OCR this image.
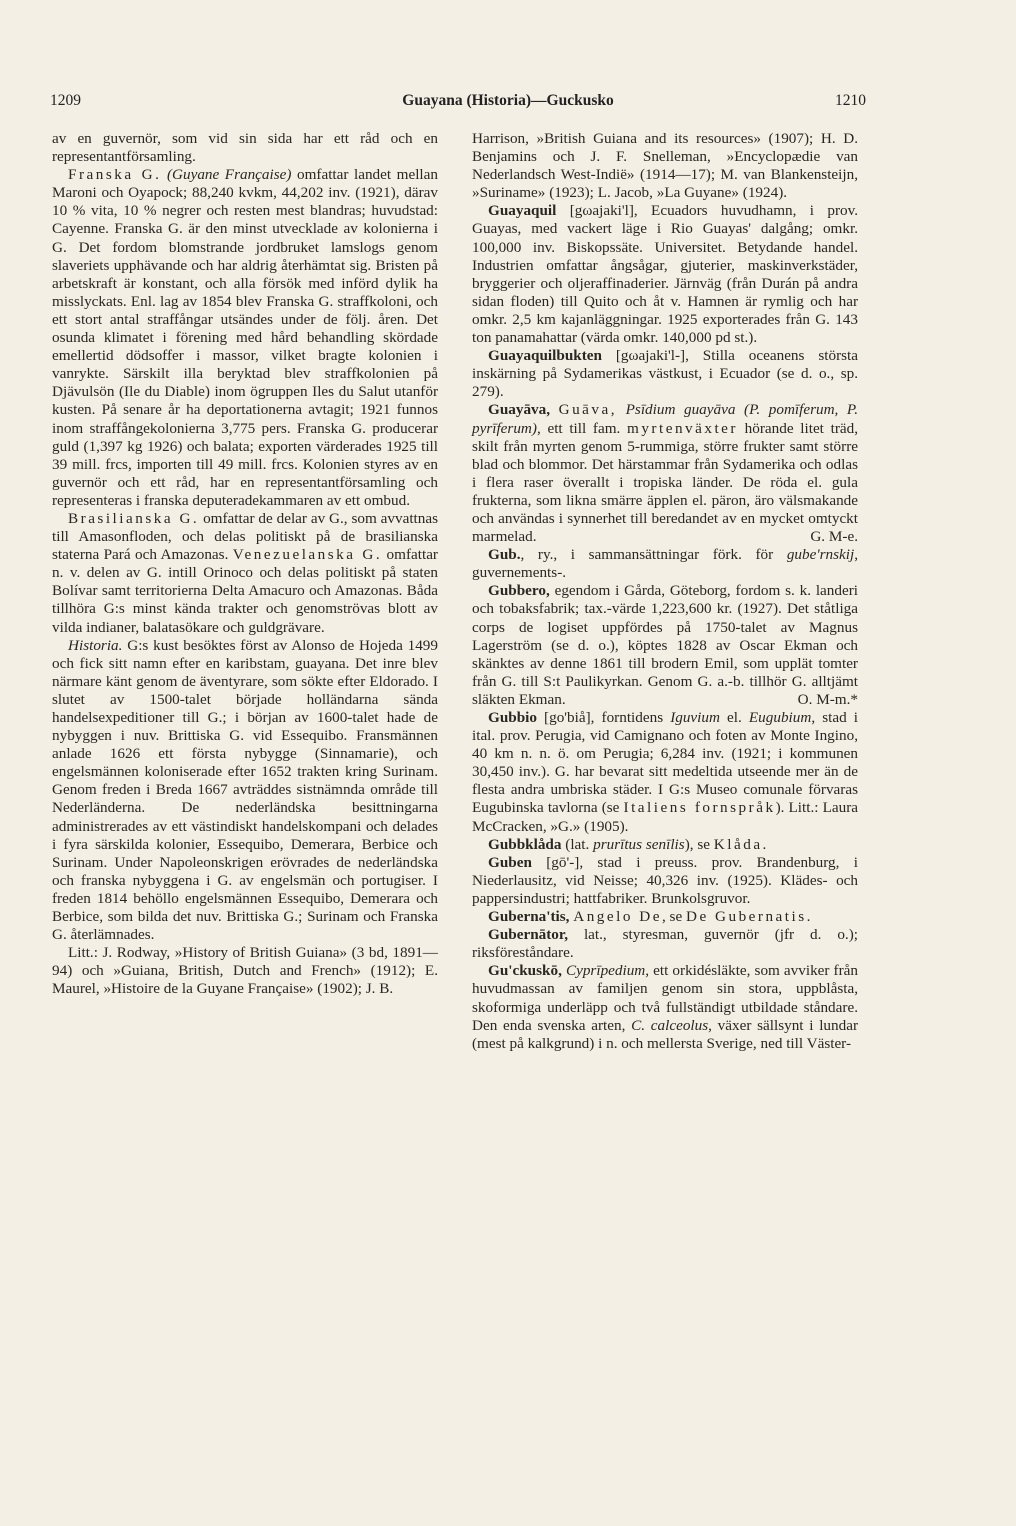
1209	Guayana (Historia)—Guckusko	1210

av en guvernör, som vid sin sida har ett råd och en representantförsamling.

Franska G. (Guyane Française) omfattar landet mellan Maroni och Oyapock; 88,240 kvkm, 44,202 inv. (1921), därav 10 % vita, 10 % negrer och resten mest blandras; huvudstad: Cayenne. Franska G. är den minst utvecklade av kolonierna i G. Det fordom blomstrande jordbruket lamslogs genom slaveriets upphävande och har aldrig återhämtat sig. Bristen på arbetskraft är konstant, och alla försök med införd dylik ha misslyckats. Enl. lag av 1854 blev Franska G. straffkoloni, och ett stort antal straffångar utsändes under de följ. åren. Det osunda klimatet i förening med hård behandling skördade emellertid dödsoffer i massor, vilket bragte kolonien i vanrykte. Särskilt illa beryktad blev straffkolonien på Djävulsön (Ile du Diable) inom ögruppen Iles du Salut utanför kusten. På senare år ha deportationerna avtagit; 1921 funnos inom straffångekolonierna 3,775 pers. Franska G. producerar guld (1,397 kg 1926) och balata; exporten värderades 1925 till 39 mill. frcs, importen till 49 mill. frcs. Kolonien styres av en guvernör och ett råd, har en representantförsamling och representeras i franska deputeradekammaren av ett ombud.

Brasilianska G. omfattar de delar av G., som avvattnas till Amasonfloden, och delas politiskt på de brasilianska staterna Pará och Amazonas. Venezuelanska G. omfattar n. v. delen av G. intill Orinoco och delas politiskt på staten Bolívar samt territorierna Delta Amacuro och Amazonas. Båda tillhöra G:s minst kända trakter och genomströvas blott av vilda indianer, balatasökare och guldgrävare.

Historia. G:s kust besöktes först av Alonso de Hojeda 1499 och fick sitt namn efter en karibstam, guayana. Det inre blev närmare känt genom de äventyrare, som sökte efter Eldorado. I slutet av 1500-talet började holländarna sända handelsexpeditioner till G.; i början av 1600-talet hade de nybyggen i nuv. Brittiska G. vid Essequibo. Fransmännen anlade 1626 ett första nybygge (Sinnamarie), och engelsmännen koloniserade efter 1652 trakten kring Surinam. Genom freden i Breda 1667 avträddes sistnämnda område till Nederländerna. De nederländska besittningarna administrerades av ett västindiskt handelskompani och delades i fyra särskilda kolonier, Essequibo, Demerara, Berbice och Surinam. Under Napoleonskrigen erövrades de nederländska och franska nybyggena i G. av engelsmän och portugiser. I freden 1814 behöllo engelsmännen Essequibo, Demerara och Berbice, som bilda det nuv. Brittiska G.; Surinam och Franska G. återlämnades.

Litt.: J. Rodway, »History of British Guiana» (3 bd, 1891—94) och »Guiana, British, Dutch and French» (1912); E. Maurel, »Histoire de la Guyane Française» (1902); J. B.

Harrison, »British Guiana and its resources» (1907); H. D. Benjamins och J. F. Snelleman, »Encyclopædie van Nederlandsch West-Indië» (1914—17); M. van Blankensteijn, »Suriname» (1923); L. Jacob, »La Guyane» (1924).

Guayaquil [gωajaki'l], Ecuadors huvudhamn, i prov. Guayas, med vackert läge i Rio Guayas' dalgång; omkr. 100,000 inv. Biskopssäte. Universitet. Betydande handel. Industrien omfattar ångsågar, gjuterier, maskinverkstäder, bryggerier och oljeraffinaderier. Järnväg (från Durán på andra sidan floden) till Quito och åt v. Hamnen är rymlig och har omkr. 2,5 km kajanläggningar. 1925 exporterades från G. 143 ton panamahattar (värda omkr. 140,000 pd st.).

Guayaquilbukten [gωajaki'l-], Stilla oceanens största inskärning på Sydamerikas västkust, i Ecuador (se d. o., sp. 279).

Guayāva, Guāva, Psīdium guayāva (P. pomīferum, P. pyrīferum), ett till fam. myrtenväxter hörande litet träd, skilt från myrten genom 5-rummiga, större frukter samt större blad och blommor. Det härstammar från Sydamerika och odlas i flera raser överallt i tropiska länder. De röda el. gula frukterna, som likna smärre äpplen el. päron, äro välsmakande och användas i synnerhet till beredandet av en mycket omtyckt marmelad.	G. M-e.

Gub., ry., i sammansättningar förk. för gube'rnskij, guvernements-.

Gubbero, egendom i Gårda, Göteborg, fordom s. k. landeri och tobaksfabrik; tax.-värde 1,223,600 kr. (1927). Det ståtliga corps de logiset uppfördes på 1750-talet av Magnus Lagerström (se d. o.), köptes 1828 av Oscar Ekman och skänktes av denne 1861 till brodern Emil, som upplät tomter från G. till S:t Paulikyrkan. Genom G. a.-b. tillhör G. alltjämt släkten Ekman.	O. M-m.*

Gubbio [go'biå], forntidens Iguvium el. Eugubium, stad i ital. prov. Perugia, vid Camignano och foten av Monte Ingino, 40 km n. n. ö. om Perugia; 6,284 inv. (1921; i kommunen 30,450 inv.). G. har bevarat sitt medeltida utseende mer än de flesta andra umbriska städer. I G:s Museo comunale förvaras Eugubinska tavlorna (se Italiens fornspråk). Litt.: Laura McCracken, »G.» (1905).

Gubbklåda (lat. prurītus senīlis), se Klåda.

Guben [gō'-], stad i preuss. prov. Brandenburg, i Niederlausitz, vid Neisse; 40,326 inv. (1925). Klädes- och pappersindustri; hattfabriker. Brunkolsgruvor.

Guberna'tis, Angelo De, se De Gubernatis.

Gubernātor, lat., styresman, guvernör (jfr d. o.); riksföreståndare.

Gu'ckuskō, Cyprīpedium, ett orkidésläkte, som avviker från huvudmassan av familjen genom sin stora, uppblåsta, skoformiga underläpp och två fullständigt utbildade ståndare. Den enda svenska arten, C. calceolus, växer sällsynt i lundar (mest på kalkgrund) i n. och mellersta Sverige, ned till Väster-
